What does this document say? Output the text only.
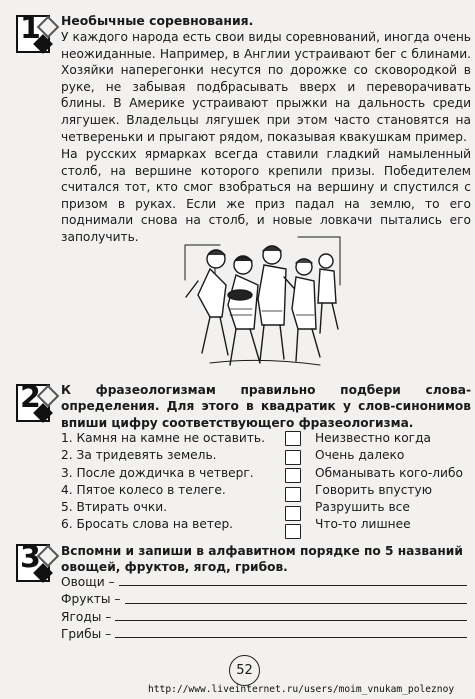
1 Необычные соревнования.
У каждого народа есть свои виды соревнований, иногда очень неожиданные. Например, в Англии устраивают бег с блинами. Хозяйки наперегонки несутся по дорожке со сковородкой в руке, не забывая подбрасывать вверх и переворачивать блины. В Америке устраивают прыжки на дальность среди лягушек. Владельцы лягушек при этом часто становятся на четвереньки и прыгают рядом, показывая квакушкам пример.
На русских ярмарках всегда ставили гладкий намыленный столб, на вершине которого крепили призы. Победителем считался тот, кто смог взобраться на вершину и спустился с призом в руках. Если же приз падал на землю, то его поднимали снова на столб, и новые ловкачи пытались его заполучить.
2 К фразеологизмам правильно подбери слова-определения. Для этого в квадратик у слов-синонимов впиши цифру соответствующего фразеологизма.
1. Камня на камне не оставить.
2. За тридевять земель.
3. После дождичка в четверг.
4. Пятое колесо в телеге.
5. Втирать очки.
6. Бросать слова на ветер.
Неизвестно когда
Очень далеко
Обманывать кого-либо
Говорить впустую
Разрушить все
Что-то лишнее
3 Вспомни и запиши в алфавитном порядке по 5 названий овощей, фруктов, ягод, грибов.
Овощи –
Фрукты –
Ягоды –
Грибы –
52
http://www.liveinternet.ru/users/moim_vnukam_poleznoy
